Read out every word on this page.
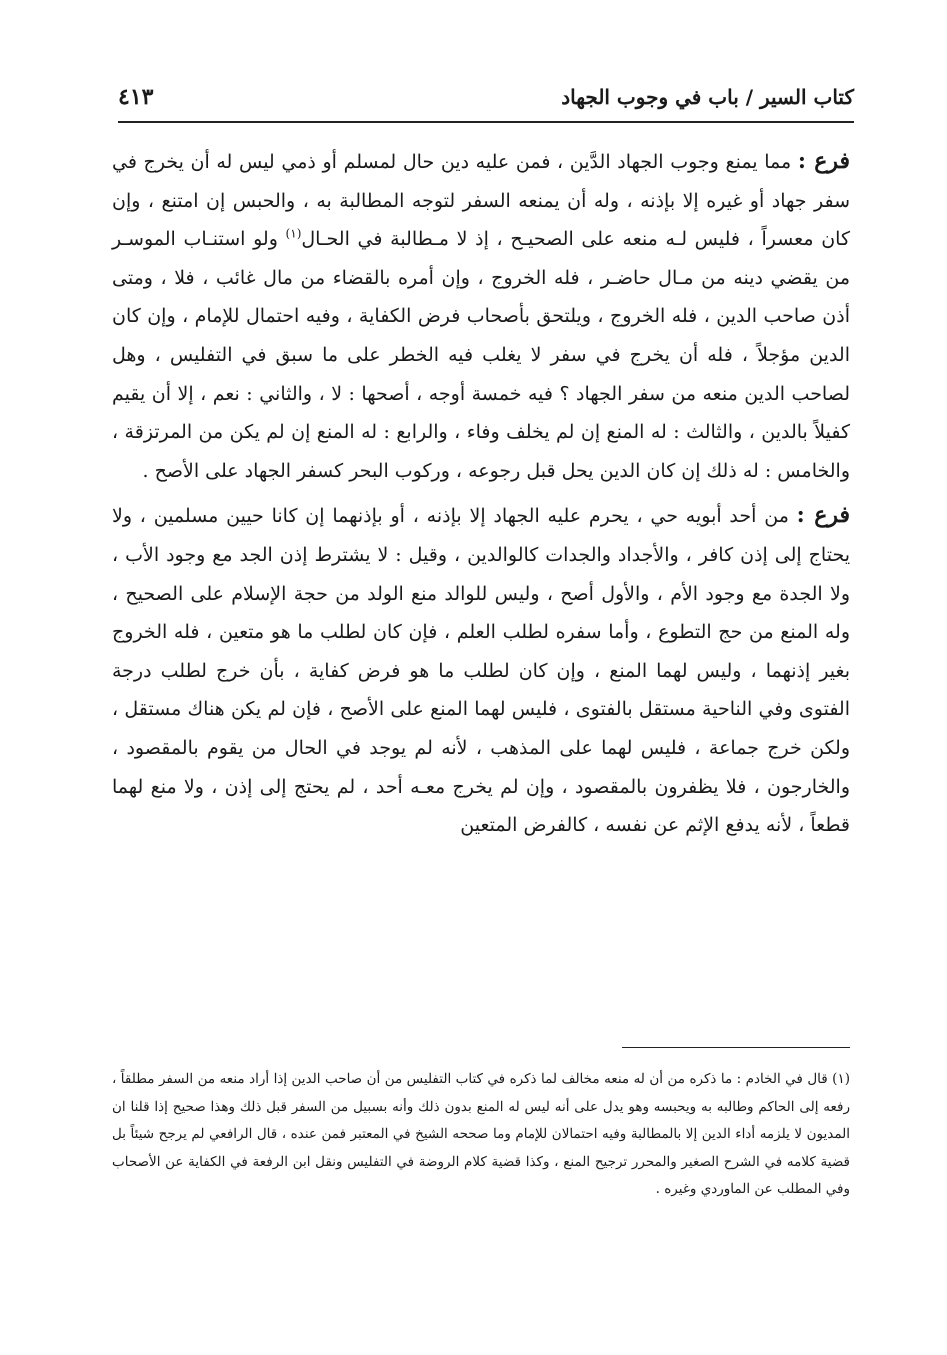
كتاب السير / باب في وجوب الجهاد
٤١٣

فرع : مما يمنع وجوب الجهاد الدَّين ، فمن عليه دين حال لمسلم أو ذمي ليس له أن يخرج في سفر جهاد أو غيره إلا بإذنه ، وله أن يمنعه السفر لتوجه المطالبة به ، والحبس إن امتنع ، وإن كان معسراً ، فليس لـه منعه على الصحيـح ، إذ لا مـطالبة في الحـال$^{(١)}$ ولو استنـاب الموسـر من يقضي دينه من مـال حاضـر ، فله الخروج ، وإن أمره بالقضاء من مال غائب ، فلا ، ومتى أذن صاحب الدين ، فله الخروج ، ويلتحق بأصحاب فرض الكفاية ، وفيه احتمال للإمام ، وإن كان الدين مؤجلاً ، فله أن يخرج في سفر لا يغلب فيه الخطر على ما سبق في التفليس ، وهل لصاحب الدين منعه من سفر الجهاد ؟ فيه خمسة أوجه ، أصحها : لا ، والثاني : نعم ، إلا أن يقيم كفيلاً بالدين ، والثالث : له المنع إن لم يخلف وفاء ، والرابع : له المنع إن لم يكن من المرتزقة ، والخامس : له ذلك إن كان الدين يحل قبل رجوعه ، وركوب البحر كسفر الجهاد على الأصح .

فرع : من أحد أبويه حي ، يحرم عليه الجهاد إلا بإذنه ، أو بإذنهما إن كانا حيين مسلمين ، ولا يحتاج إلى إذن كافر ، والأجداد والجدات كالوالدين ، وقيل : لا يشترط إذن الجد مع وجود الأب ، ولا الجدة مع وجود الأم ، والأول أصح ، وليس للوالد منع الولد من حجة الإسلام على الصحيح ، وله المنع من حج التطوع ، وأما سفره لطلب العلم ، فإن كان لطلب ما هو متعين ، فله الخروج بغير إذنهما ، وليس لهما المنع ، وإن كان لطلب ما هو فرض كفاية ، بأن خرج لطلب درجة الفتوى وفي الناحية مستقل بالفتوى ، فليس لهما المنع على الأصح ، فإن لم يكن هناك مستقل ، ولكن خرج جماعة ، فليس لهما على المذهب ، لأنه لم يوجد في الحال من يقوم بالمقصود ، والخارجون ، فلا يظفرون بالمقصود ، وإن لم يخرج معـه أحد ، لم يحتج إلى إذن ، ولا منع لهما قطعاً ، لأنه يدفع الإثم عن نفسه ، كالفرض المتعين

(١) قال في الخادم : ما ذكره من أن له منعه مخالف لما ذكره في كتاب التفليس من أن صاحب الدين إذا أراد منعه من السفر مطلقاً ، رفعه إلى الحاكم وطالبه به ويحبسه وهو يدل على أنه ليس له المنع بدون ذلك وأنه بسبيل من السفر قبل ذلك وهذا صحيح إذا قلنا ان المديون لا يلزمه أداء الدين إلا بالمطالبة وفيه احتمالان للإمام وما صححه الشيخ في المعتبر فمن عنده ، قال الرافعي لم يرجح شيئاً بل قضية كلامه في الشرح الصغير والمحرر ترجيح المنع ، وكذا قضية كلام الروضة في التفليس ونقل ابن الرفعة في الكفاية عن الأصحاب وفي المطلب عن الماوردي وغيره .
